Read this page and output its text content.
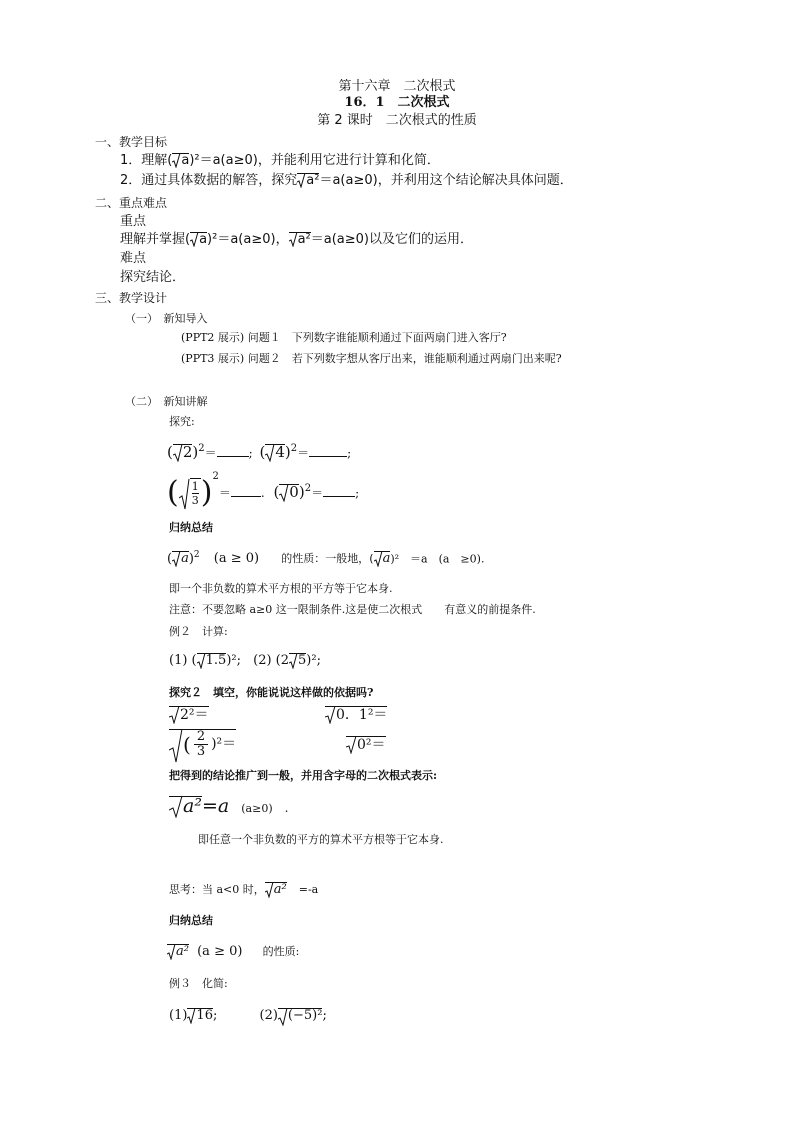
第十六章　二次根式
16．1　二次根式
第 2 课时　二次根式的性质
一、教学目标
1．理解( a)²＝a(a≥0)，并能利用它进行计算和化简．
2．通过具体数据的解答，探究 a²＝a(a≥0)，并利用这个结论解决具体问题．
二、重点难点
重点
理解并掌握( a)²＝a(a≥0)， a²＝a(a≥0)以及它们的运用．
难点
探究结论．
三、教学设计
（一）　新知导入
(PPT2 展示) 问题１　下列数字谁能顺利通过下面两扇门进入客厅?
(PPT3 展示) 问题２　若下列数字想从客厅出来，谁能顺利通过两扇门出来呢?
（二）　新知讲解
探究:
( 2)$^2$＝	; ( 4)$^2$＝	;
( $\frac{1}{3} )^2=$	. ( 0)$^2$＝	;
归纳总结
( a)$^2$ (a ≥ 0) 的性质：一般地，( a)²　＝a　(a　≥0).
即一个非负数的算术平方根的平方等于它本身.
注意：不要忽略 a≥0 这一限制条件.这是使二次根式　　有意义的前提条件.
例２　计算:
(1) ( 1.5)²; (2) (2 5)²;
探究２　填空，你能说说这样做的依据吗?
2²＝	0．1²＝
( $\frac{2}{3} )^2=$	0²＝
把得到的结论推广到一般，并用含字母的二次根式表示:
a²=a (a≥0) .
即任意一个非负数的平方的算术平方根等于它本身.
思考：当 a<0 时， a² =-a
归纳总结
a² (a ≥ 0) 的性质:
例３　化简:
(1) 16;	(2) (−5)²;
